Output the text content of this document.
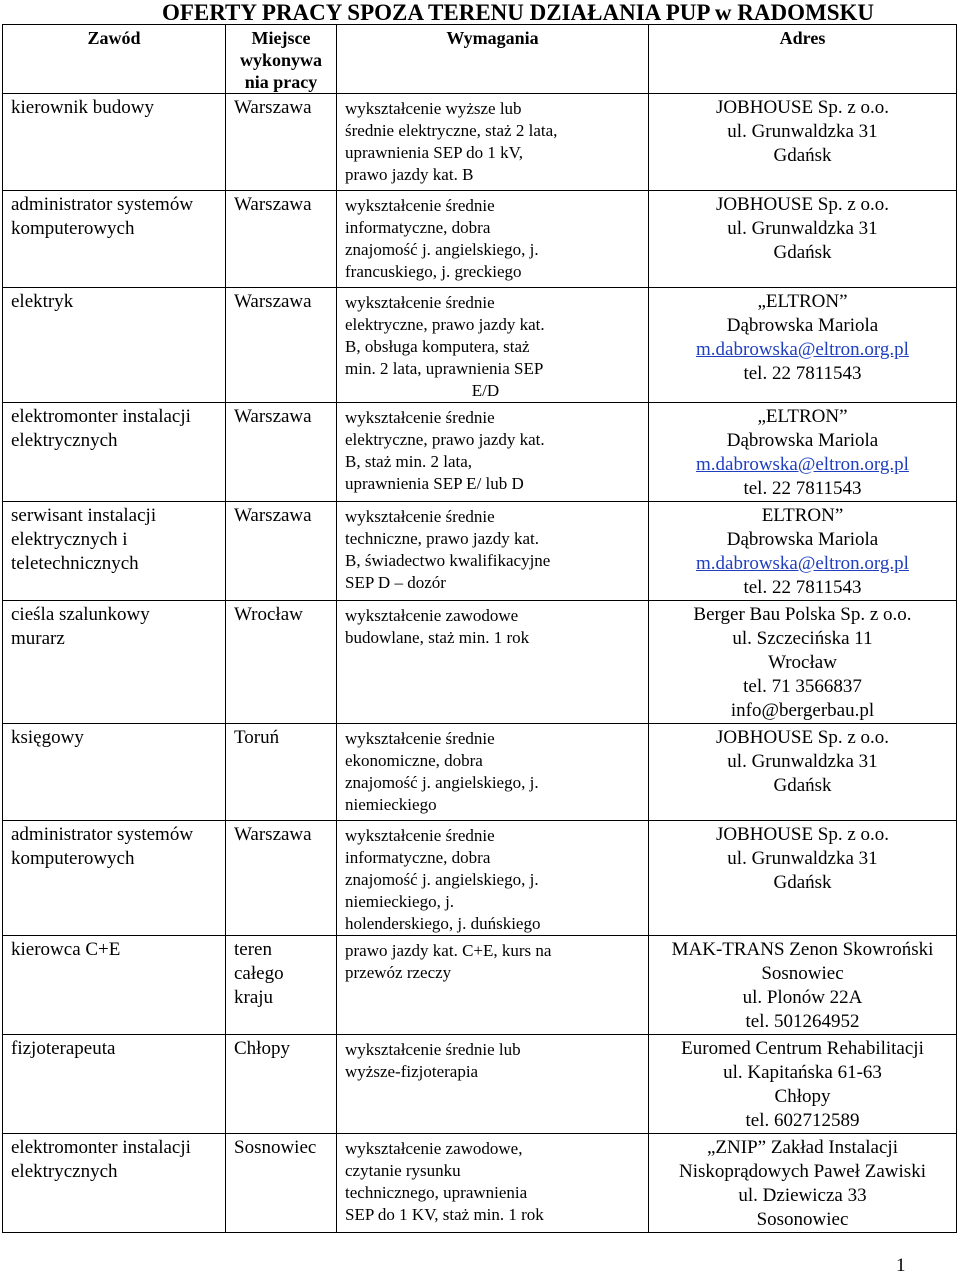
OFERTY PRACY SPOZA TERENU DZIAŁANIA PUP w RADOMSKU
Zawód	Miejsce
wykonywa
nia pracy	Wymagania	Adres

kierownik budowy	Warszawa	wykształcenie wyższe lub
średnie elektryczne, staż 2 lata,
uprawnienia SEP do 1 kV,
prawo jazdy kat. B	JOBHOUSE Sp. z o.o.
ul. Grunwaldzka 31
Gdańsk

administrator systemów
komputerowych	Warszawa	wykształcenie średnie
informatyczne, dobra
znajomość j. angielskiego, j.
francuskiego, j. greckiego	JOBHOUSE Sp. z o.o.
ul. Grunwaldzka 31
Gdańsk

elektryk	Warszawa	wykształcenie średnie
elektryczne, prawo jazdy kat.
B, obsługa komputera, staż
min. 2 lata, uprawnienia SEP
E/D	„ELTRON”
Dąbrowska Mariola
m.dabrowska@eltron.org.pl
tel. 22 7811543

elektromonter instalacji
elektrycznych	Warszawa	wykształcenie średnie
elektryczne, prawo jazdy kat.
B, staż min. 2 lata,
uprawnienia SEP E/ lub D	„ELTRON”
Dąbrowska Mariola
m.dabrowska@eltron.org.pl
tel. 22 7811543

serwisant instalacji
elektrycznych i
teletechnicznych	Warszawa	wykształcenie średnie
techniczne, prawo jazdy kat.
B, świadectwo kwalifikacyjne
SEP D – dozór	ELTRON”
Dąbrowska Mariola
m.dabrowska@eltron.org.pl
tel. 22 7811543

cieśla szalunkowy
murarz	Wrocław	wykształcenie zawodowe
budowlane, staż min. 1 rok	Berger Bau Polska Sp. z o.o.
ul. Szczecińska 11
Wrocław
tel. 71 3566837
info@bergerbau.pl

księgowy	Toruń	wykształcenie średnie
ekonomiczne, dobra
znajomość j. angielskiego, j.
niemieckiego	JOBHOUSE Sp. z o.o.
ul. Grunwaldzka 31
Gdańsk

administrator systemów
komputerowych	Warszawa	wykształcenie średnie
informatyczne, dobra
znajomość j. angielskiego, j.
niemieckiego, j.
holenderskiego, j. duńskiego	JOBHOUSE Sp. z o.o.
ul. Grunwaldzka 31
Gdańsk

kierowca C+E	teren
całego
kraju	prawo jazdy kat. C+E, kurs na
przewóz rzeczy	MAK-TRANS Zenon Skowroński
Sosnowiec
ul. Plonów 22A
tel. 501264952

fizjoterapeuta	Chłopy	wykształcenie średnie lub
wyższe-fizjoterapia	Euromed Centrum Rehabilitacji
ul. Kapitańska 61-63
Chłopy
tel. 602712589

elektromonter instalacji
elektrycznych	Sosnowiec	wykształcenie zawodowe,
czytanie rysunku
technicznego, uprawnienia
SEP do 1 KV, staż min. 1 rok	„ZNIP” Zakład Instalacji
Niskoprądowych Paweł Zawiski
ul. Dziewicza 33
Sosonowiec
1
